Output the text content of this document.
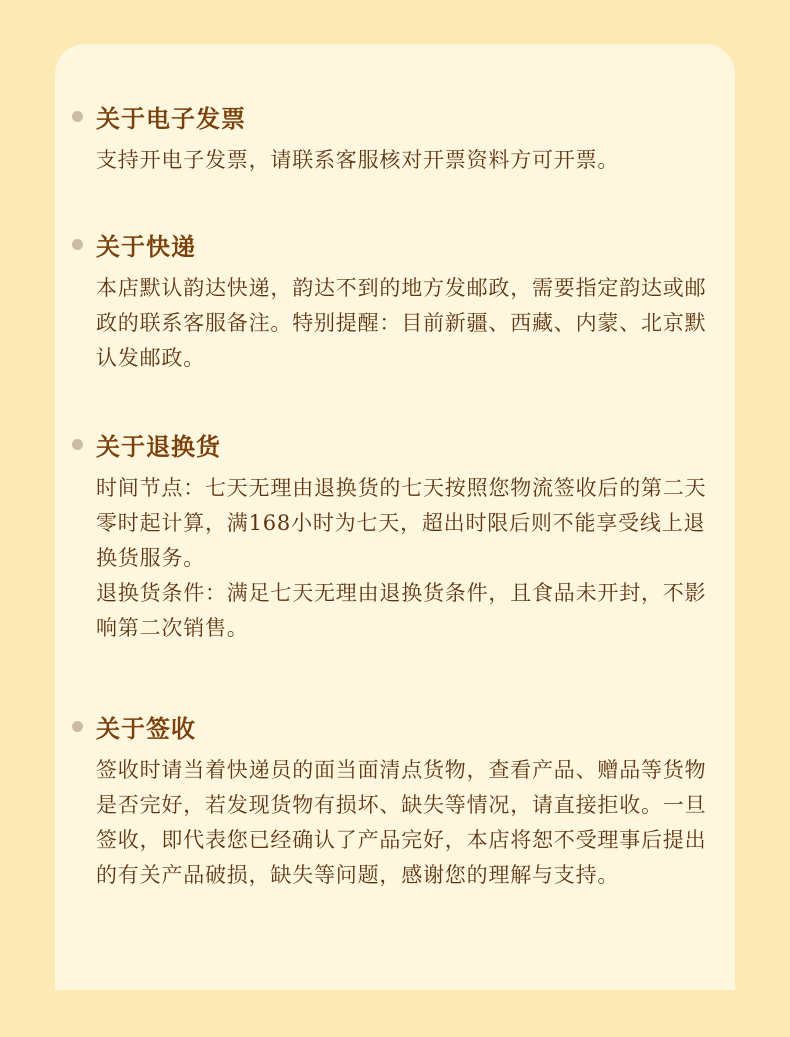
关于电子发票

支持开电子发票，请联系客服核对开票资料方可开票。

关于快递

本店默认韵达快递，韵达不到的地方发邮政，需要指定韵达或邮政的联系客服备注。特别提醒：目前新疆、西藏、内蒙、北京默认发邮政。

关于退换货

时间节点：七天无理由退换货的七天按照您物流签收后的第二天零时起计算，满168小时为七天，超出时限后则不能享受线上退换货服务。

退换货条件：满足七天无理由退换货条件，且食品未开封，不影响第二次销售。

关于签收

签收时请当着快递员的面当面清点货物，查看产品、赠品等货物是否完好，若发现货物有损坏、缺失等情况，请直接拒收。一旦签收，即代表您已经确认了产品完好，本店将恕不受理事后提出的有关产品破损，缺失等问题，感谢您的理解与支持。
